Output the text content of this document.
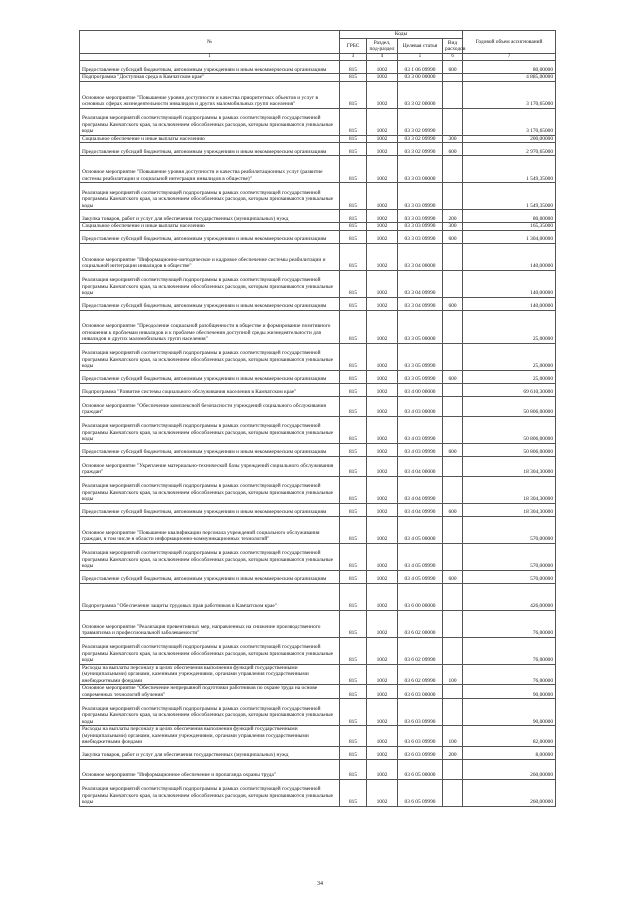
№	Коды				Годовой объем ассигнований
	ГРБС	Раздел, под-раздел	Целевая статья	Вид расходов	
1	3	4	5	6	7
Предоставление субсидий бюджетным, автономным учреждениям и иным некоммерческим организациям	815	1002	03 1 06 09990	600	80,00000
Подпрограмма "Доступная среда в Камчатском крае"	815	1002	03 3 00 00000		4 885,00000
Основное мероприятие "Повышение уровня доступности и качества приоритетных объектов и услуг в основных сферах жизнедеятельности инвалидов и других маломобильных групп населения"	815	1002	03 3 02 00000		3 170,65000
Реализация мероприятий соответствующей подпрограммы в рамках соответствующей государственной программы Камчатского края, за исключением обособленных расходов, которым присваиваются уникальные коды	815	1002	03 3 02 09990		3 170,65000
Социальное обеспечение и иные выплаты населению	815	1002	03 3 02 09990	300	200,00000
Предоставление субсидий бюджетным, автономным учреждениям и иным некоммерческим организациям	815	1002	03 3 02 09990	600	2 970,65000
Основное мероприятие "Повышение уровня доступности и качества реабилитационных услуг (развитие системы реабилитации и социальной интеграции инвалидов в обществе)"	815	1002	03 3 03 00000		1 549,35000
Реализация мероприятий соответствующей подпрограммы в рамках соответствующей государственной программы Камчатского края, за исключением обособленных расходов, которым присваиваются уникальные коды	815	1002	03 3 03 09990		1 549,35000
Закупка товаров, работ и услуг для обеспечения государственных (муниципальных) нужд	815	1002	03 3 03 09990	200	80,00000
Социальное обеспечение и иные выплаты населению	815	1002	03 3 03 09990	300	165,35000
Предоставление субсидий бюджетным, автономным учреждениям и иным некоммерческим организациям	815	1002	03 3 03 09990	600	1 304,00000
Основное мероприятие "Информационно-методическое и кадровое обеспечение системы реабилитации и социальной интеграции инвалидов в обществе"	815	1002	03 3 04 00000		140,00000
Реализация мероприятий соответствующей подпрограммы в рамках соответствующей государственной программы Камчатского края, за исключением обособленных расходов, которым присваиваются уникальные коды	815	1002	03 3 04 09990		140,00000
Предоставление субсидий бюджетным, автономным учреждениям и иным некоммерческим организациям	815	1002	03 3 04 09990	600	140,00000
Основное мероприятие "Преодоление социальной разобщенности в обществе и формирование позитивного отношения к проблемам инвалидов и к проблеме обеспечения доступной среды жизнедеятельности для инвалидов и других маломобильных групп населения"	815	1002	03 3 05 00000		25,00000
Реализация мероприятий соответствующей подпрограммы в рамках соответствующей государственной программы Камчатского края, за исключением обособленных расходов, которым присваиваются уникальные коды	815	1002	03 3 05 09990		25,00000
Предоставление субсидий бюджетным, автономным учреждениям и иным некоммерческим организациям	815	1002	03 3 05 09990	600	25,00000
Подпрограмма "Развитие системы социального обслуживания населения в Камчатском крае"	815	1002	03 4 00 00000		69 610,30000
Основное мероприятие "Обеспечение комплексной безопасности учреждений социального обслуживания граждан"	815	1002	03 4 03 00000		50 806,00000
Реализация мероприятий соответствующей подпрограммы в рамках соответствующей государственной программы Камчатского края, за исключением обособленных расходов, которым присваиваются уникальные коды	815	1002	03 4 03 09990		50 806,00000
Предоставление субсидий бюджетным, автономным учреждениям и иным некоммерческим организациям	815	1002	03 4 03 09990	600	50 806,00000
Основное мероприятие "Укрепление материально-технической базы учреждений социального обслуживания граждан"	815	1002	03 4 04 00000		18 304,30000
Реализация мероприятий соответствующей подпрограммы в рамках соответствующей государственной программы Камчатского края, за исключением обособленных расходов, которым присваиваются уникальные коды	815	1002	03 4 04 09990		18 304,30000
Предоставление субсидий бюджетным, автономным учреждениям и иным некоммерческим организациям	815	1002	03 4 04 09990	600	18 304,30000
Основное мероприятие "Повышение квалификации персонала учреждений социального обслуживания граждан, в том числе в области информационно-коммуникационных технологий"	815	1002	03 4 05 00000		570,00000
Реализация мероприятий соответствующей подпрограммы в рамках соответствующей государственной программы Камчатского края, за исключением обособленных расходов, которым присваиваются уникальные коды	815	1002	03 4 05 09990		570,00000
Предоставление субсидий бюджетным, автономным учреждениям и иным некоммерческим организациям	815	1002	03 4 05 09990	600	570,00000
Подпрограмма "Обеспечение защиты трудовых прав работников в Камчатском крае"	815	1002	03 6 00 00000		426,00000
Основное мероприятие "Реализация превентивных мер, направленных на снижение производственного травматизма и профессиональной заболеваемости"	815	1002	03 6 02 00000		76,00000
Реализация мероприятий соответствующей подпрограммы в рамках соответствующей государственной программы Камчатского края, за исключением обособленных расходов, которым присваиваются уникальные коды	815	1002	03 6 02 09990		76,00000
Расходы на выплаты персоналу в целях обеспечения выполнения функций государственными (муниципальными) органами, казенными учреждениями, органами управления государственными внебюджетными фондами	815	1002	03 6 02 09990	100	76,00000
Основное мероприятие "Обеспечение непрерывной подготовки работников по охране труда на основе современных технологий обучения"	815	1002	03 6 03 00000		90,00000
Реализация мероприятий соответствующей подпрограммы в рамках соответствующей государственной программы Камчатского края, за исключением обособленных расходов, которым присваиваются уникальные коды	815	1002	03 6 03 09990		90,00000
Расходы на выплаты персоналу в целях обеспечения выполнения функций государственными (муниципальными) органами, казенными учреждениями, органами управления государственными внебюджетными фондами	815	1002	03 6 03 09990	100	82,00000
Закупка товаров, работ и услуг для обеспечения государственных (муниципальных) нужд	815	1002	03 6 03 09990	200	8,00000
Основное мероприятие "Информационное обеспечение и пропаганда охраны труда"	815	1002	03 6 05 00000		260,00000
Реализация мероприятий соответствующей подпрограммы в рамках соответствующей государственной программы Камчатского края, за исключением обособленных расходов, которым присваиваются уникальные коды	815	1002	03 6 05 09990		260,00000
34
